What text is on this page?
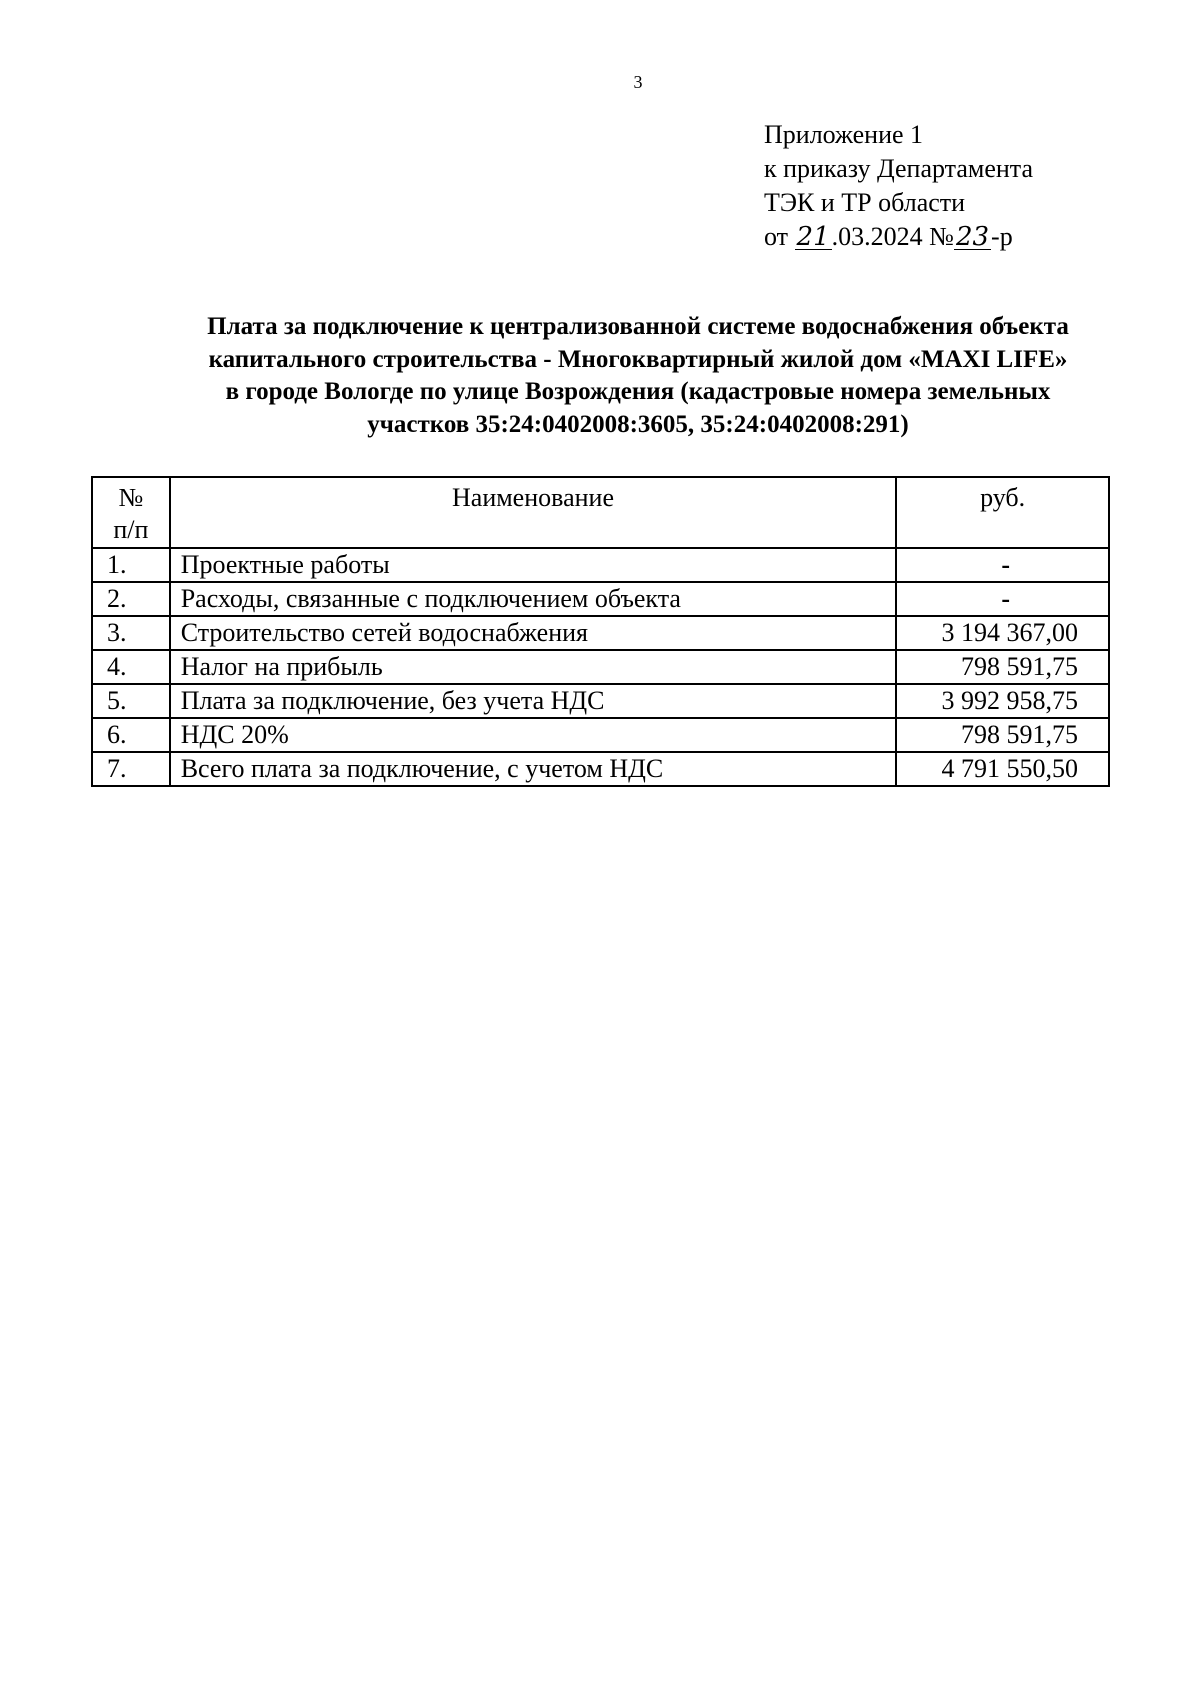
3
Приложение 1
к приказу Департамента
ТЭК и ТР области
от 21.03.2024 №23-р
Плата за подключение к централизованной системе водоснабжения объекта
капитального строительства - Многоквартирный жилой дом «MAXI LIFE»
в городе Вологде по улице Возрождения (кадастровые номера земельных
участков 35:24:0402008:3605, 35:24:0402008:291)
№
п/п	Наименование	руб.
1.	Проектные работы	-
2.	Расходы, связанные с подключением объекта	-
3.	Строительство сетей водоснабжения	3 194 367,00
4.	Налог на прибыль	798 591,75
5.	Плата за подключение, без учета НДС	3 992 958,75
6.	НДС 20%	798 591,75
7.	Всего плата за подключение, с учетом НДС	4 791 550,50
